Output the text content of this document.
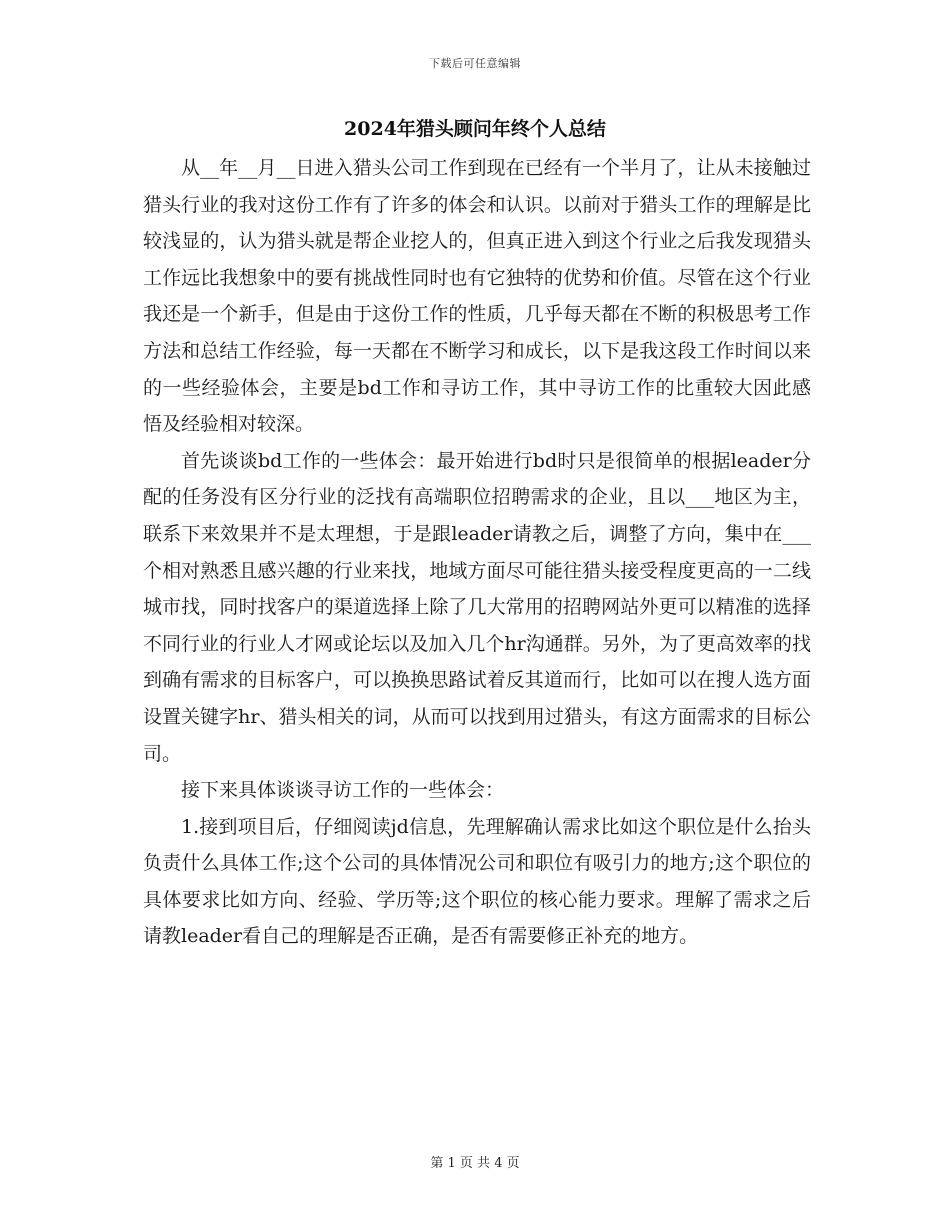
下载后可任意编辑
2024年猎头顾问年终个人总结

从__年__月__日进入猎头公司工作到现在已经有一个半月了，让从未接触过猎头行业的我对这份工作有了许多的体会和认识。以前对于猎头工作的理解是比较浅显的，认为猎头就是帮企业挖人的，但真正进入到这个行业之后我发现猎头工作远比我想象中的要有挑战性同时也有它独特的优势和价值。尽管在这个行业我还是一个新手，但是由于这份工作的性质，几乎每天都在不断的积极思考工作方法和总结工作经验，每一天都在不断学习和成长，以下是我这段工作时间以来的一些经验体会，主要是bd工作和寻访工作，其中寻访工作的比重较大因此感悟及经验相对较深。

首先谈谈bd工作的一些体会：最开始进行bd时只是很简单的根据leader分配的任务没有区分行业的泛找有高端职位招聘需求的企业，且以___地区为主，联系下来效果并不是太理想，于是跟leader请教之后，调整了方向，集中在___个相对熟悉且感兴趣的行业来找，地域方面尽可能往猎头接受程度更高的一二线城市找，同时找客户的渠道选择上除了几大常用的招聘网站外更可以精准的选择不同行业的行业人才网或论坛以及加入几个hr沟通群。另外，为了更高效率的找到确有需求的目标客户，可以换换思路试着反其道而行，比如可以在搜人选方面设置关键字hr、猎头相关的词，从而可以找到用过猎头，有这方面需求的目标公司。

接下来具体谈谈寻访工作的一些体会：

1.接到项目后，仔细阅读jd信息，先理解确认需求比如这个职位是什么抬头负责什么具体工作;这个公司的具体情况公司和职位有吸引力的地方;这个职位的具体要求比如方向、经验、学历等;这个职位的核心能力要求。理解了需求之后请教leader看自己的理解是否正确，是否有需要修正补充的地方。

第 1 页 共 4 页
